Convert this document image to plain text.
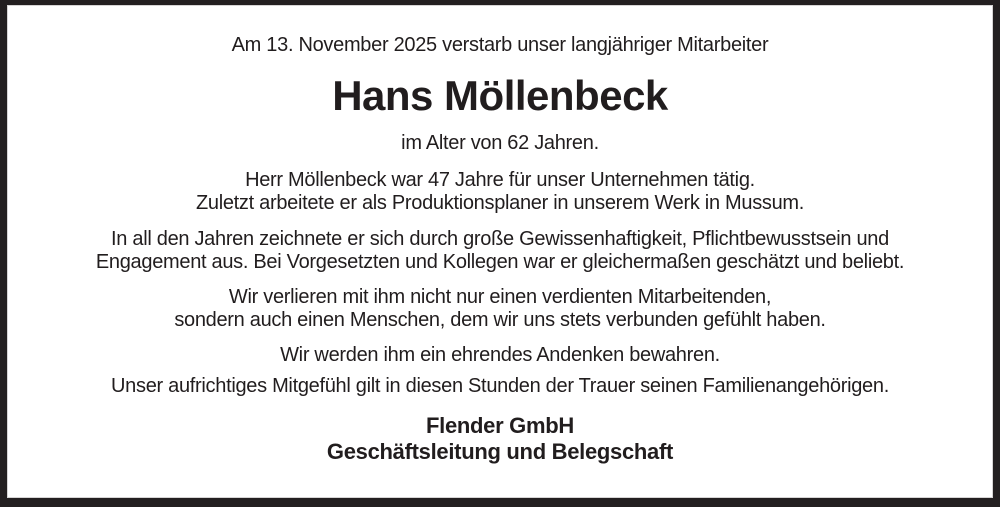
Am 13. November 2025 verstarb unser langjähriger Mitarbeiter
Hans Möllenbeck
im Alter von 62 Jahren.
Herr Möllenbeck war 47 Jahre für unser Unternehmen tätig.
Zuletzt arbeitete er als Produktionsplaner in unserem Werk in Mussum.
In all den Jahren zeichnete er sich durch große Gewissenhaftigkeit, Pflichtbewusstsein und
Engagement aus. Bei Vorgesetzten und Kollegen war er gleichermaßen geschätzt und beliebt.
Wir verlieren mit ihm nicht nur einen verdienten Mitarbeitenden,
sondern auch einen Menschen, dem wir uns stets verbunden gefühlt haben.
Wir werden ihm ein ehrendes Andenken bewahren.
Unser aufrichtiges Mitgefühl gilt in diesen Stunden der Trauer seinen Familienangehörigen.
Flender GmbH
Geschäftsleitung und Belegschaft
